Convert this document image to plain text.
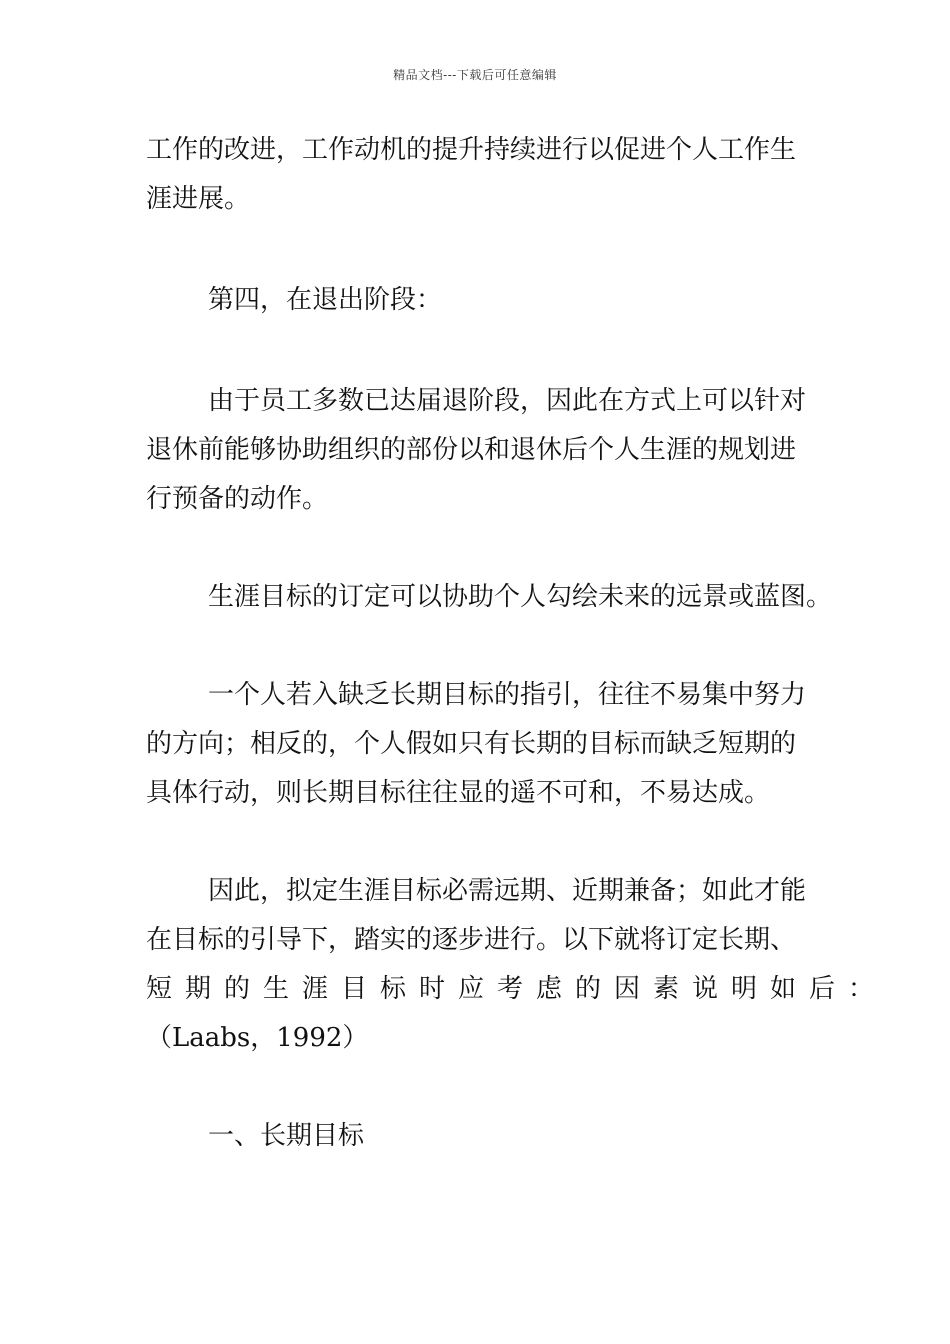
精品文档---下载后可任意编辑
工作的改进，工作动机的提升持续进行以促进个人工作生
涯进展。
第四，在退出阶段：
由于员工多数已达届退阶段，因此在方式上可以针对
退休前能够协助组织的部份以和退休后个人生涯的规划进
行预备的动作。
生涯目标的订定可以协助个人勾绘未来的远景或蓝图。
一个人若入缺乏长期目标的指引，往往不易集中努力
的方向；相反的，个人假如只有长期的目标而缺乏短期的
具体行动，则长期目标往往显的遥不可和，不易达成。
因此，拟定生涯目标必需远期、近期兼备；如此才能
在目标的引导下，踏实的逐步进行。以下就将订定长期、
短期的生涯目标时应考虑的因素说明如后：
（Laabs，1992）
一、长期目标
